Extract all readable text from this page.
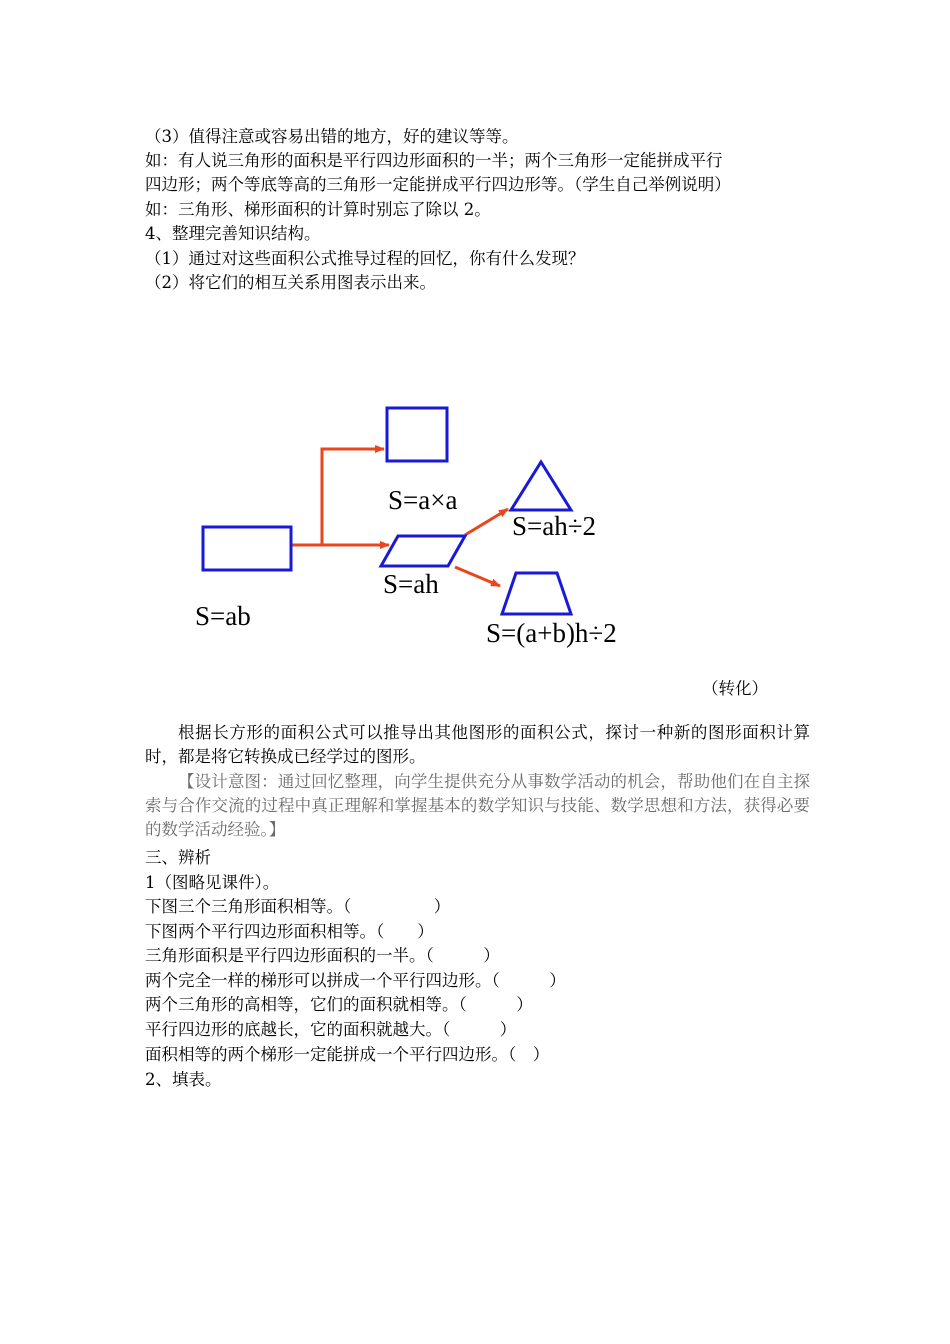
（3）值得注意或容易出错的地方，好的建议等等。
如：有人说三角形的面积是平行四边形面积的一半；两个三角形一定能拼成平行
四边形；两个等底等高的三角形一定能拼成平行四边形等。（学生自己举例说明）
如：三角形、梯形面积的计算时别忘了除以 2。
4、整理完善知识结构。
（1）通过对这些面积公式推导过程的回忆，你有什么发现？
（2）将它们的相互关系用图表示出来。
S=a×a
S=ah÷2
S=ah
S=ab
S=(a+b)h÷2
（转化）
根据长方形的面积公式可以推导出其他图形的面积公式，探讨一种新的图形面积计算时，都是将它转换成已经学过的图形。
【设计意图：通过回忆整理，向学生提供充分从事数学活动的机会，帮助他们在自主探索与合作交流的过程中真正理解和掌握基本的数学知识与技能、数学思想和方法，获得必要的数学活动经验。】
三、辨析
1（图略见课件）。
下图三个三角形面积相等。（　　　　　）
下图两个平行四边形面积相等。（　　）
三角形面积是平行四边形面积的一半。（　　　）
两个完全一样的梯形可以拼成一个平行四边形。（　　　）
两个三角形的高相等，它们的面积就相等。（　　　）
平行四边形的底越长，它的面积就越大。（　　　）
面积相等的两个梯形一定能拼成一个平行四边形。（　）
2、填表。
